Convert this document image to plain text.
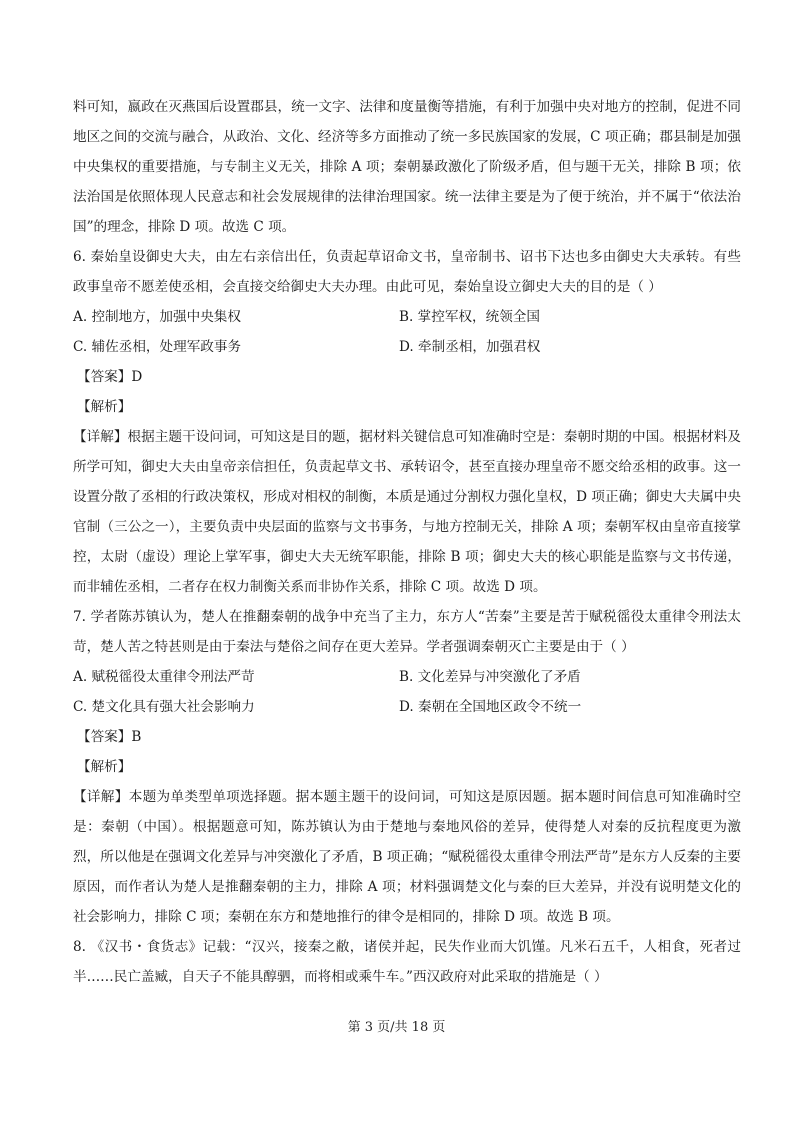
料可知，嬴政在灭燕国后设置郡县，统一文字、法律和度量衡等措施，有利于加强中央对地方的控制，促进不同地区之间的交流与融合，从政治、文化、经济等多方面推动了统一多民族国家的发展，C 项正确；郡县制是加强中央集权的重要措施，与专制主义无关，排除 A 项；秦朝暴政激化了阶级矛盾，但与题干无关，排除 B 项；依法治国是依照体现人民意志和社会发展规律的法律治理国家。统一法律主要是为了便于统治，并不属于“依法治国”的理念，排除 D 项。故选 C 项。

6. 秦始皇设御史大夫，由左右亲信出任，负责起草诏命文书，皇帝制书、诏书下达也多由御史大夫承转。有些政事皇帝不愿差使丞相，会直接交给御史大夫办理。由此可见，秦始皇设立御史大夫的目的是（ ）

A. 控制地方，加强中央集权	B. 掌控军权，统领全国
C. 辅佐丞相，处理军政事务	D. 牵制丞相，加强君权

【答案】D

【解析】

【详解】根据主题干设问词，可知这是目的题，据材料关键信息可知准确时空是：秦朝时期的中国。根据材料及所学可知，御史大夫由皇帝亲信担任，负责起草文书、承转诏令，甚至直接办理皇帝不愿交给丞相的政事。这一设置分散了丞相的行政决策权，形成对相权的制衡，本质是通过分割权力强化皇权，D 项正确；御史大夫属中央官制（三公之一），主要负责中央层面的监察与文书事务，与地方控制无关，排除 A 项；秦朝军权由皇帝直接掌控，太尉（虚设）理论上掌军事，御史大夫无统军职能，排除 B 项；御史大夫的核心职能是监察与文书传递，而非辅佐丞相，二者存在权力制衡关系而非协作关系，排除 C 项。故选 D 项。

7. 学者陈苏镇认为，楚人在推翻秦朝的战争中充当了主力，东方人“苦秦”主要是苦于赋税徭役太重律令刑法太苛，楚人苦之特甚则是由于秦法与楚俗之间存在更大差异。学者强调秦朝灭亡主要是由于（ ）

A. 赋税徭役太重律令刑法严苛	B. 文化差异与冲突激化了矛盾
C. 楚文化具有强大社会影响力	D. 秦朝在全国地区政令不统一

【答案】B

【解析】

【详解】本题为单类型单项选择题。据本题主题干的设问词，可知这是原因题。据本题时间信息可知准确时空是：秦朝（中国）。根据题意可知，陈苏镇认为由于楚地与秦地风俗的差异，使得楚人对秦的反抗程度更为激烈，所以他是在强调文化差异与冲突激化了矛盾，B 项正确；“赋税徭役太重律令刑法严苛”是东方人反秦的主要原因，而作者认为楚人是推翻秦朝的主力，排除 A 项；材料强调楚文化与秦的巨大差异，并没有说明楚文化的社会影响力，排除 C 项；秦朝在东方和楚地推行的律令是相同的，排除 D 项。故选 B 项。

8. 《汉书・食货志》记载：“汉兴，接秦之敝，诸侯并起，民失作业而大饥馑。凡米石五千，人相食，死者过半……民亡盖臧，自天子不能具醇驷，而将相或乘牛车。”西汉政府对此采取的措施是（ ）

第 3 页/共 18 页
